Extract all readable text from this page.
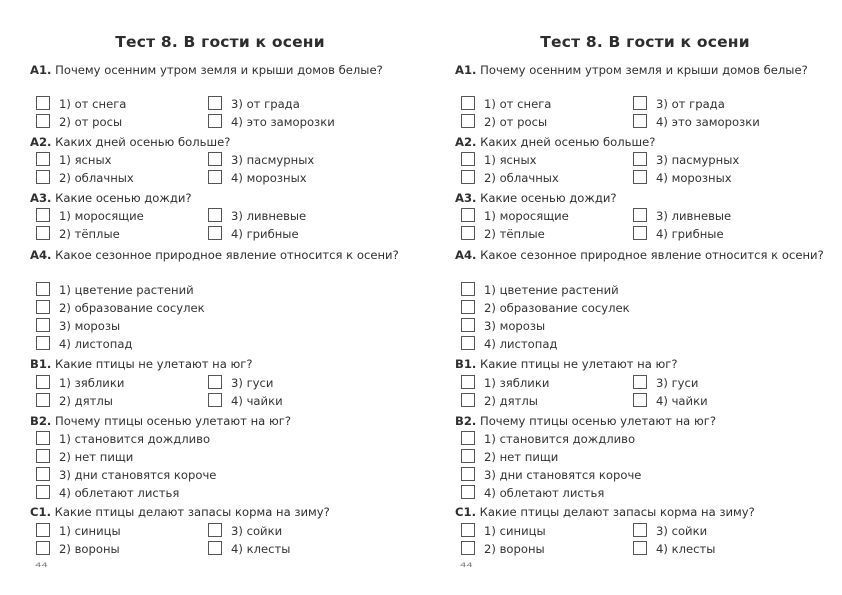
Тест 8. В гости к осени
А1. Почему осенним утром земля и крыши домов белые?
1) от снега	3) от града
2) от росы	4) это заморозки
А2. Каких дней осенью больше?
1) ясных	3) пасмурных
2) облачных	4) морозных
А3. Какие осенью дожди?
1) моросящие	3) ливневые
2) тёплые	4) грибные
А4. Какое сезонное природное явление относится к осени?
1) цветение растений
2) образование сосулек
3) морозы
4) листопад
В1. Какие птицы не улетают на юг?
1) зяблики	3) гуси
2) дятлы	4) чайки
В2. Почему птицы осенью улетают на юг?
1) становится дождливо
2) нет пищи
3) дни становятся короче
4) облетают листья
С1. Какие птицы делают запасы корма на зиму?
1) синицы	3) сойки
2) вороны	4) клесты
44
Тест 8. В гости к осени
А1. Почему осенним утром земля и крыши домов белые?
1) от снега	3) от града
2) от росы	4) это заморозки
А2. Каких дней осенью больше?
1) ясных	3) пасмурных
2) облачных	4) морозных
А3. Какие осенью дожди?
1) моросящие	3) ливневые
2) тёплые	4) грибные
А4. Какое сезонное природное явление относится к осени?
1) цветение растений
2) образование сосулек
3) морозы
4) листопад
В1. Какие птицы не улетают на юг?
1) зяблики	3) гуси
2) дятлы	4) чайки
В2. Почему птицы осенью улетают на юг?
1) становится дождливо
2) нет пищи
3) дни становятся короче
4) облетают листья
С1. Какие птицы делают запасы корма на зиму?
1) синицы	3) сойки
2) вороны	4) клесты
44
